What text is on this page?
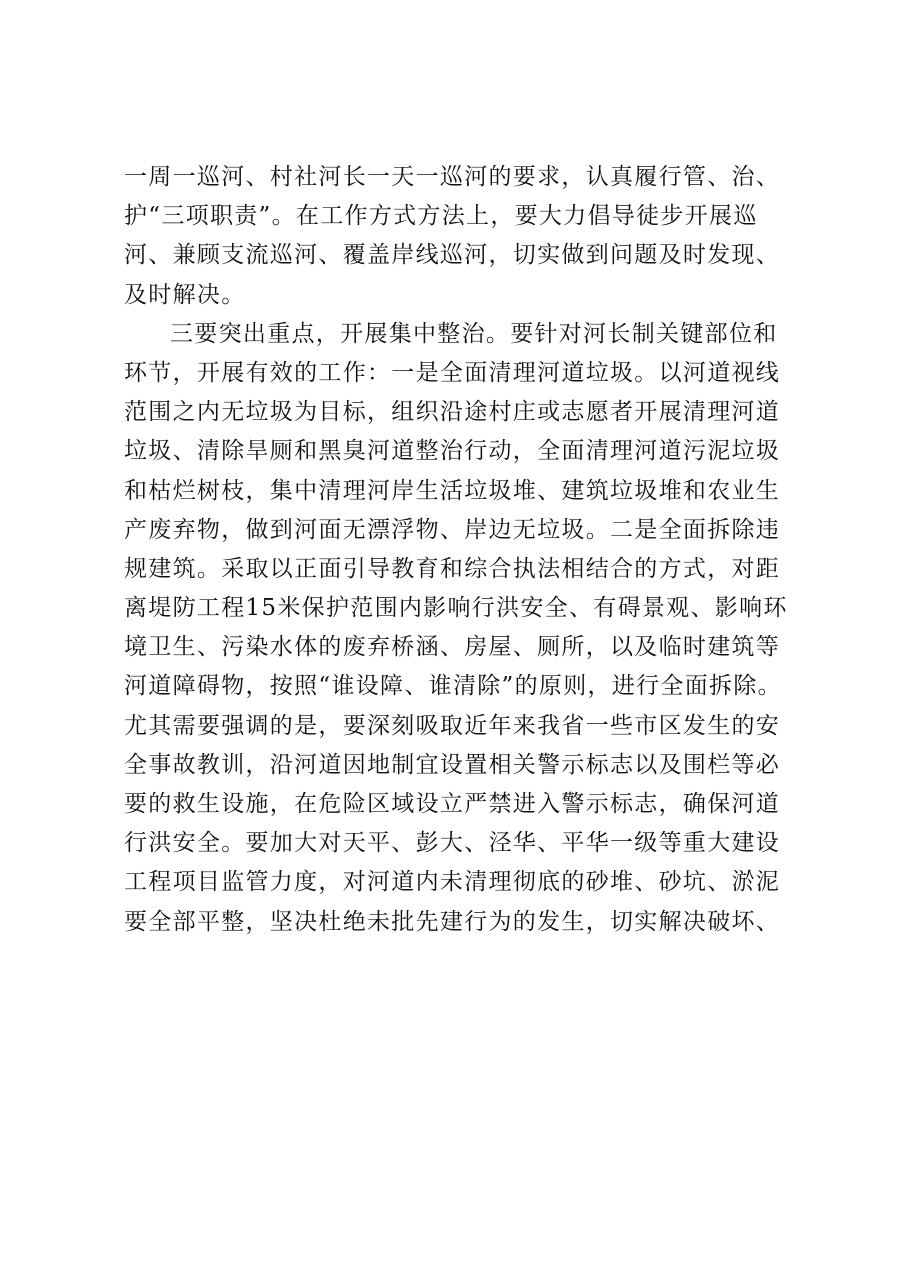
一周一巡河、村社河长一天一巡河的要求，认真履行管、治、
护“三项职责”。在工作方式方法上，要大力倡导徒步开展巡
河、兼顾支流巡河、覆盖岸线巡河，切实做到问题及时发现、
及时解决。
三要突出重点，开展集中整治。要针对河长制关键部位和
环节，开展有效的工作：一是全面清理河道垃圾。以河道视线
范围之内无垃圾为目标，组织沿途村庄或志愿者开展清理河道
垃圾、清除旱厕和黑臭河道整治行动，全面清理河道污泥垃圾
和枯烂树枝，集中清理河岸生活垃圾堆、建筑垃圾堆和农业生
产废弃物，做到河面无漂浮物、岸边无垃圾。二是全面拆除违
规建筑。采取以正面引导教育和综合执法相结合的方式，对距
离堤防工程15米保护范围内影响行洪安全、有碍景观、影响环
境卫生、污染水体的废弃桥涵、房屋、厕所，以及临时建筑等
河道障碍物，按照“谁设障、谁清除”的原则，进行全面拆除。
尤其需要强调的是，要深刻吸取近年来我省一些市区发生的安
全事故教训，沿河道因地制宜设置相关警示标志以及围栏等必
要的救生设施，在危险区域设立严禁进入警示标志，确保河道
行洪安全。要加大对天平、彭大、泾华、平华一级等重大建设
工程项目监管力度，对河道内未清理彻底的砂堆、砂坑、淤泥
要全部平整，坚决杜绝未批先建行为的发生，切实解决破坏、
